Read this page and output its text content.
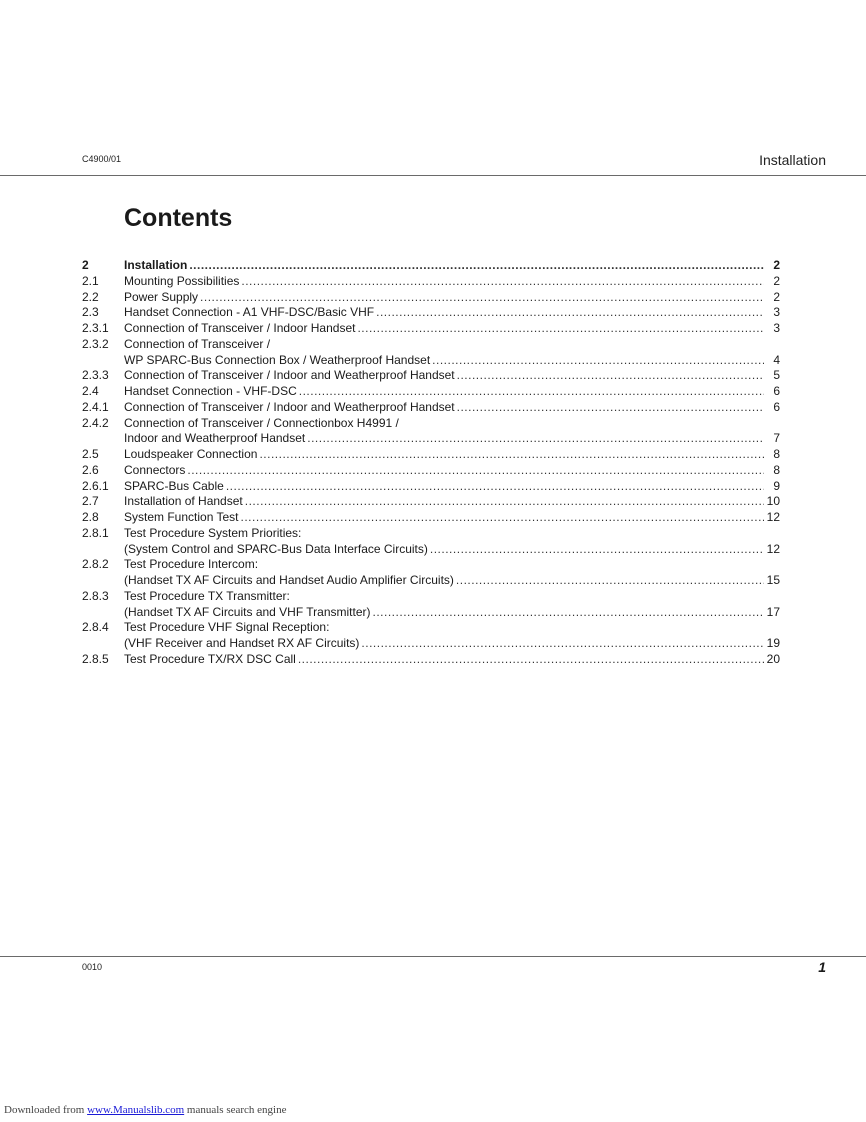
C4900/01	Installation
Contents
2	Installation .....	2
2.1	Mounting Possibilities .....	2
2.2	Power Supply .....	2
2.3	Handset Connection - A1 VHF-DSC/Basic VHF .....	3
2.3.1	Connection of Transceiver / Indoor Handset .....	3
2.3.2	Connection of Transceiver /
WP SPARC-Bus Connection Box / Weatherproof Handset .....	4
2.3.3	Connection of Transceiver / Indoor and Weatherproof Handset .....	5
2.4	Handset Connection - VHF-DSC .....	6
2.4.1	Connection of Transceiver / Indoor and Weatherproof Handset .....	6
2.4.2	Connection of Transceiver / Connectionbox H4991 /
Indoor and Weatherproof Handset .....	7
2.5	Loudspeaker Connection .....	8
2.6	Connectors .....	8
2.6.1	SPARC-Bus Cable .....	9
2.7	Installation of Handset .....	10
2.8	System Function Test .....	12
2.8.1	Test Procedure System Priorities:
(System Control and SPARC-Bus Data Interface Circuits) .....	12
2.8.2	Test Procedure Intercom:
(Handset TX AF Circuits and Handset Audio Amplifier Circuits) .....	15
2.8.3	Test Procedure TX Transmitter:
(Handset TX AF Circuits and VHF Transmitter) .....	17
2.8.4	Test Procedure VHF Signal Reception:
(VHF Receiver and Handset RX AF Circuits) .....	19
2.8.5	Test Procedure TX/RX DSC Call .....	20
0010	1
Downloaded from www.Manualslib.com manuals search engine
